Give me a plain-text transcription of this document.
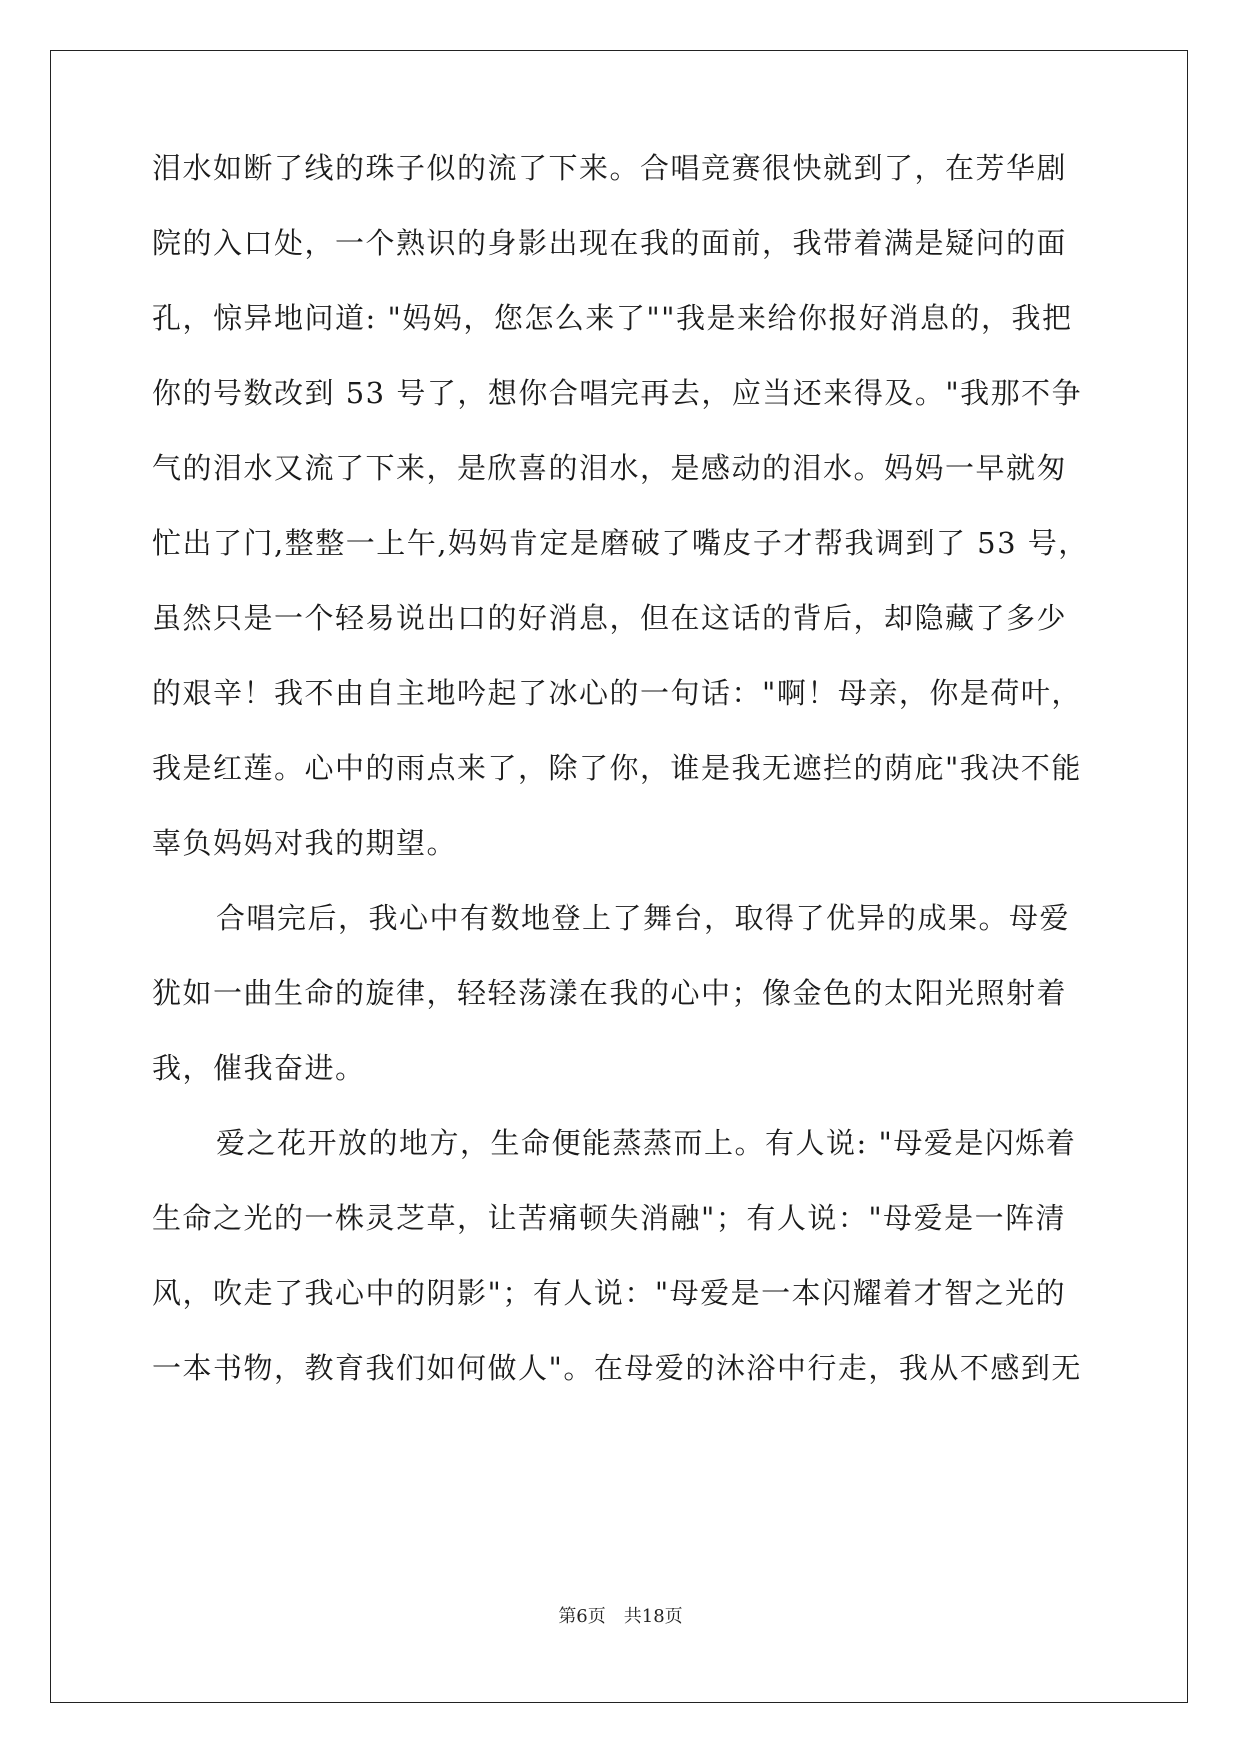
泪水如断了线的珠子似的流了下来。合唱竞赛很快就到了，在芳华剧
院的入口处，一个熟识的身影出现在我的面前，我带着满是疑问的面
孔，惊异地问道: "妈妈，您怎么来了""我是来给你报好消息的，我把
你的号数改到 53 号了，想你合唱完再去，应当还来得及。"我那不争
气的泪水又流了下来，是欣喜的泪水，是感动的泪水。妈妈一早就匆
忙出了门,整整一上午,妈妈肯定是磨破了嘴皮子才帮我调到了 53 号，
虽然只是一个轻易说出口的好消息，但在这话的背后，却隐藏了多少
的艰辛！我不由自主地吟起了冰心的一句话："啊！母亲，你是荷叶，
我是红莲。心中的雨点来了，除了你，谁是我无遮拦的荫庇"我决不能
辜负妈妈对我的期望。
合唱完后，我心中有数地登上了舞台，取得了优异的成果。母爱
犹如一曲生命的旋律，轻轻荡漾在我的心中；像金色的太阳光照射着
我，催我奋进。
爱之花开放的地方，生命便能蒸蒸而上。有人说: "母爱是闪烁着
生命之光的一株灵芝草，让苦痛顿失消融"；有人说："母爱是一阵清
风，吹走了我心中的阴影"；有人说："母爱是一本闪耀着才智之光的
一本书物，教育我们如何做人"。在母爱的沐浴中行走，我从不感到无
第6页　共18页
